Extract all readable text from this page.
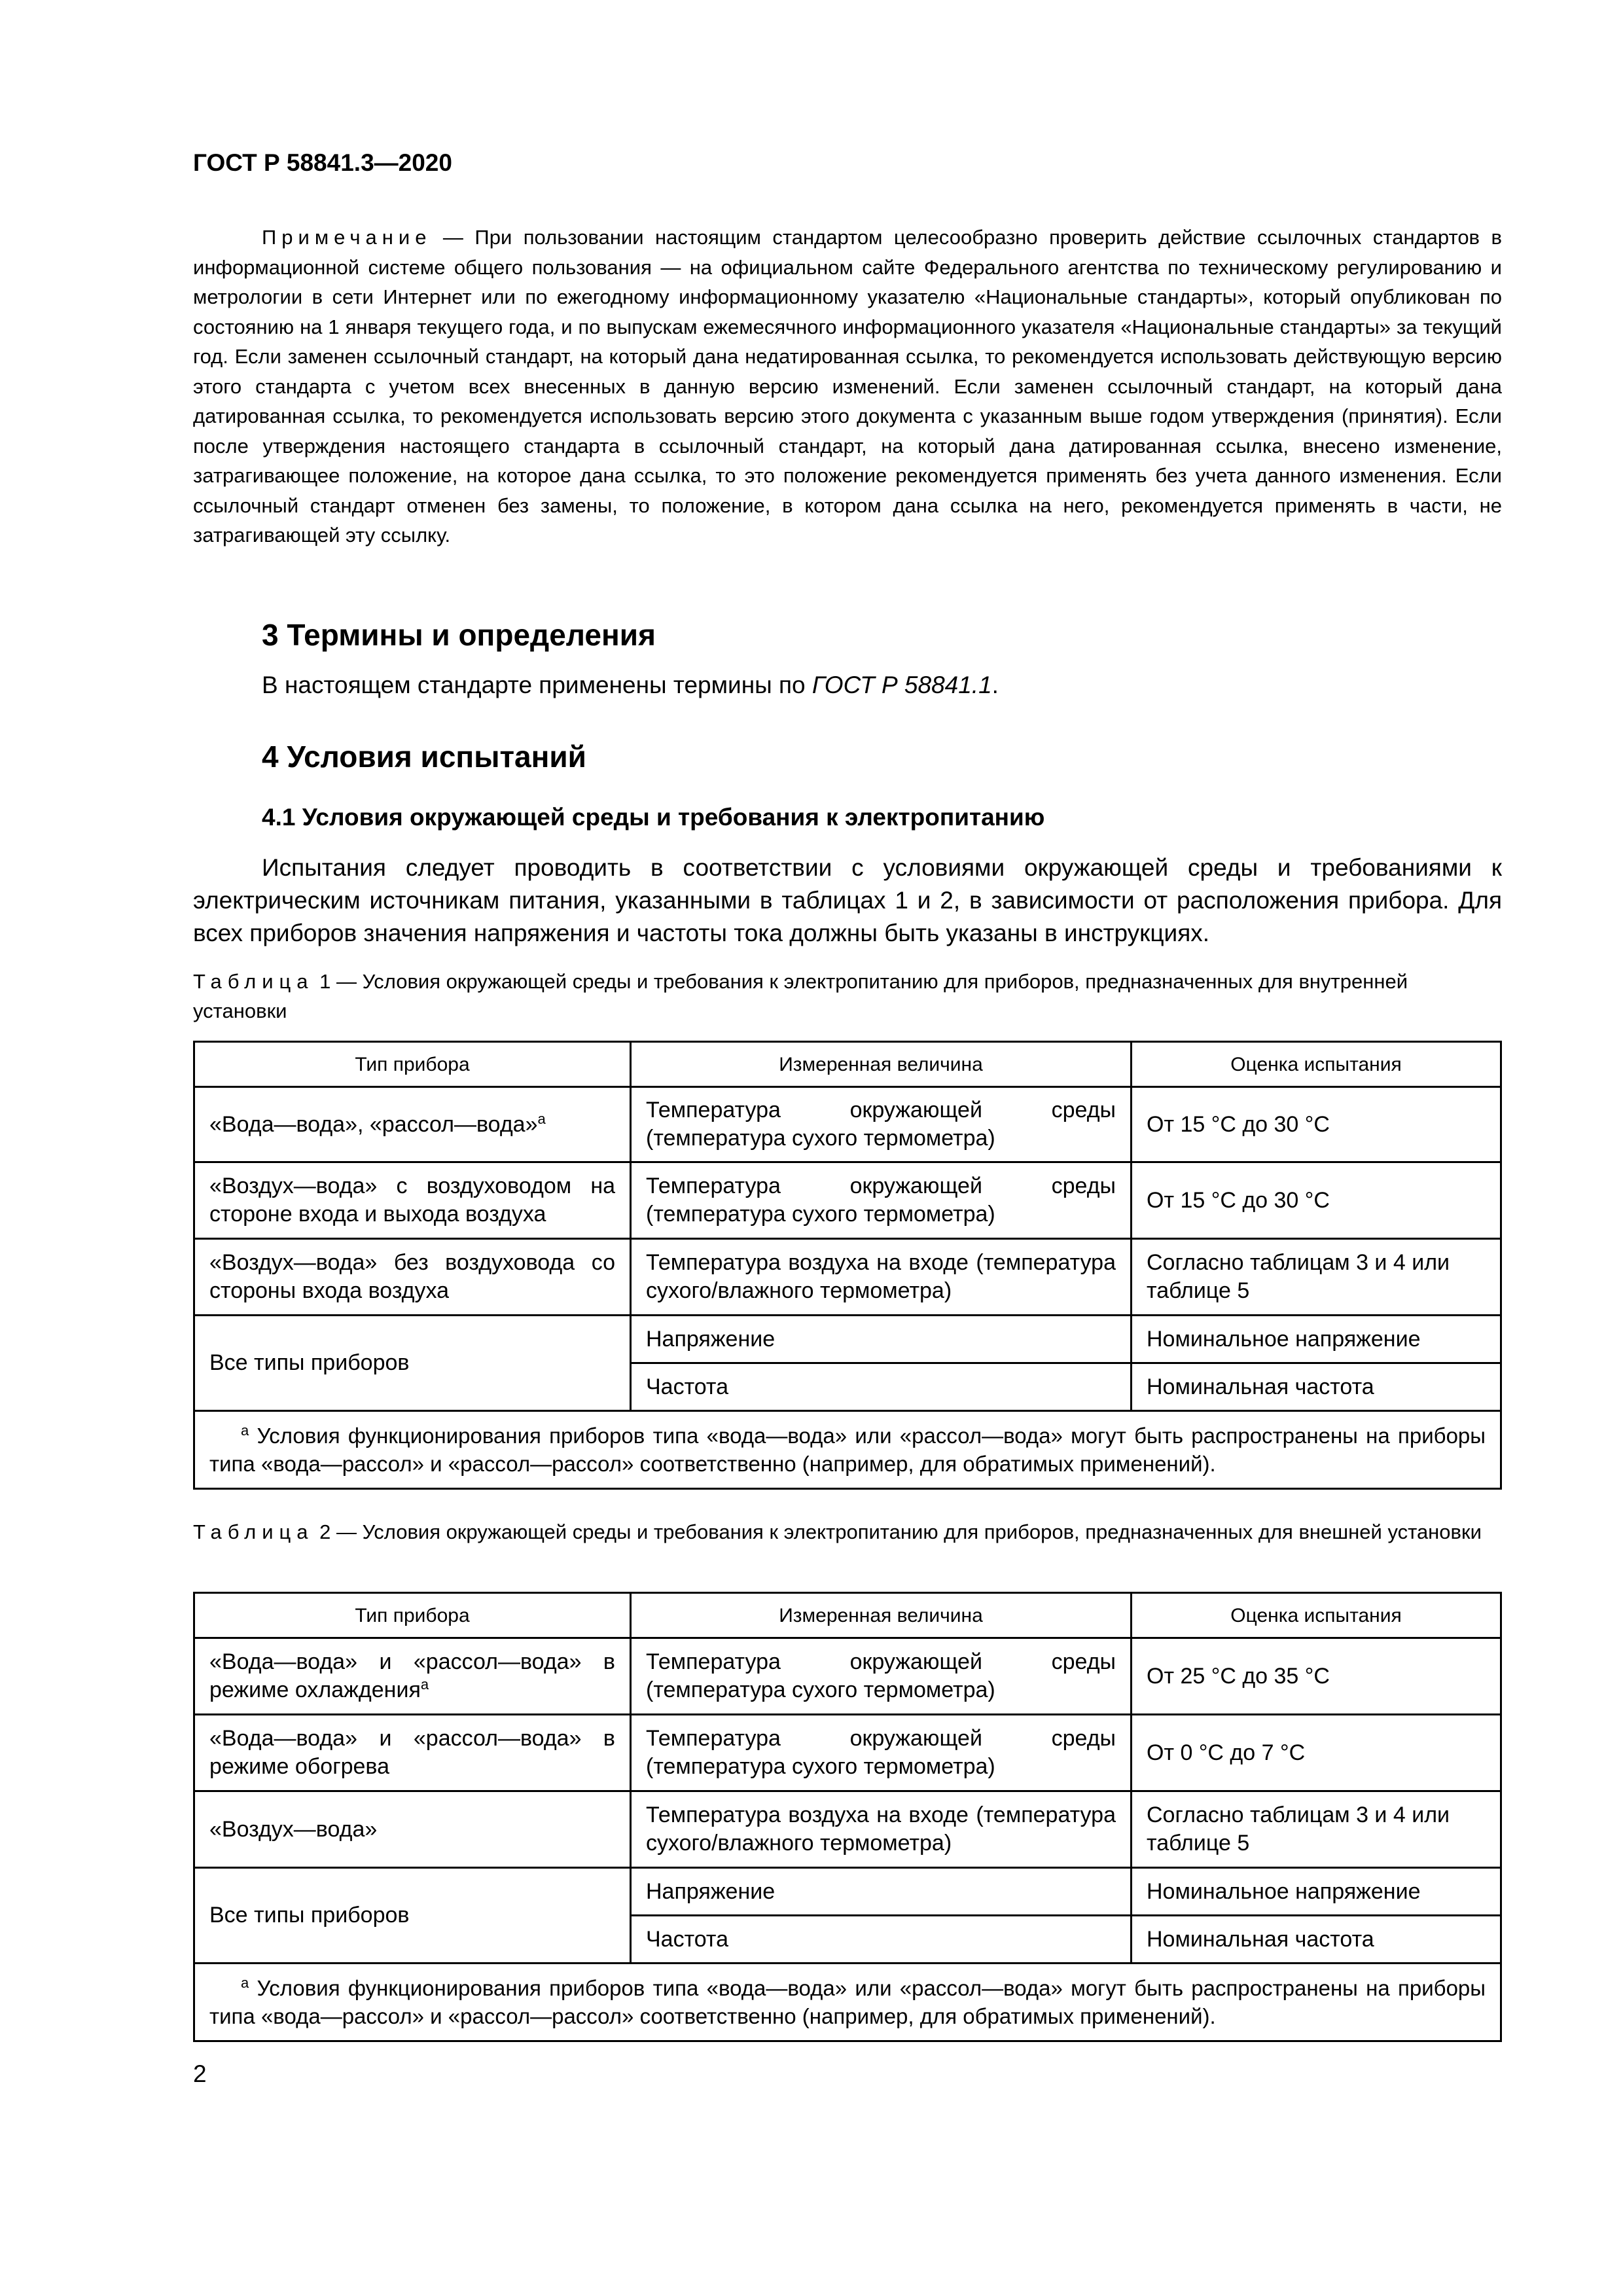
ГОСТ Р 58841.3—2020
Примечание — При пользовании настоящим стандартом целесообразно проверить действие ссылочных стандартов в информационной системе общего пользования — на официальном сайте Федерального агентства по техническому регулированию и метрологии в сети Интернет или по ежегодному информационному указателю «Национальные стандарты», который опубликован по состоянию на 1 января текущего года, и по выпускам ежемесячного информационного указателя «Национальные стандарты» за текущий год. Если заменен ссылочный стандарт, на который дана недатированная ссылка, то рекомендуется использовать действующую версию этого стандарта с учетом всех внесенных в данную версию изменений. Если заменен ссылочный стандарт, на который дана датированная ссылка, то рекомендуется использовать версию этого документа с указанным выше годом утверждения (принятия). Если после утверждения настоящего стандарта в ссылочный стандарт, на который дана датированная ссылка, внесено изменение, затрагивающее положение, на которое дана ссылка, то это положение рекомендуется применять без учета данного изменения. Если ссылочный стандарт отменен без замены, то положение, в котором дана ссылка на него, рекомендуется применять в части, не затрагивающей эту ссылку.
3 Термины и определения
В настоящем стандарте применены термины по ГОСТ Р 58841.1.
4 Условия испытаний
4.1 Условия окружающей среды и требования к электропитанию
Испытания следует проводить в соответствии с условиями окружающей среды и требованиями к электрическим источникам питания, указанными в таблицах 1 и 2, в зависимости от расположения прибора. Для всех приборов значения напряжения и частоты тока должны быть указаны в инструкциях.
Таблица 1 — Условия окружающей среды и требования к электропитанию для приборов, предназначенных для внутренней установки
Тип прибора	Измеренная величина	Оценка испытания
«Вода—вода», «рассол—вода»$^a$	Температура окружающей среды (температура сухого термометра)	От 15 °С до 30 °С
«Воздух—вода» с воздуховодом на стороне входа и выхода воздуха	Температура окружающей среды (температура сухого термометра)	От 15 °С до 30 °С
«Воздух—вода» без воздуховода со стороны входа воздуха	Температура воздуха на входе (температура сухого/влажного термометра)	Согласно таблицам 3 и 4 или таблице 5
Все типы приборов	Напряжение	Номинальное напряжение
	Частота	Номинальная частота
$^a$ Условия функционирования приборов типа «вода—вода» или «рассол—вода» могут быть распространены на приборы типа «вода—рассол» и «рассол—рассол» соответственно (например, для обратимых применений).		
Таблица 2 — Условия окружающей среды и требования к электропитанию для приборов, предназначенных для внешней установки
Тип прибора	Измеренная величина	Оценка испытания
«Вода—вода» и «рассол—вода» в режиме охлаждения$^a$	Температура окружающей среды (температура сухого термометра)	От 25 °С до 35 °С
«Вода—вода» и «рассол—вода» в режиме обогрева	Температура окружающей среды (температура сухого термометра)	От 0 °С до 7 °С
«Воздух—вода»	Температура воздуха на входе (температура сухого/влажного термометра)	Согласно таблицам 3 и 4 или таблице 5
Все типы приборов	Напряжение	Номинальное напряжение
	Частота	Номинальная частота
$^a$ Условия функционирования приборов типа «вода—вода» или «рассол—вода» могут быть распространены на приборы типа «вода—рассол» и «рассол—рассол» соответственно (например, для обратимых применений).		
2
